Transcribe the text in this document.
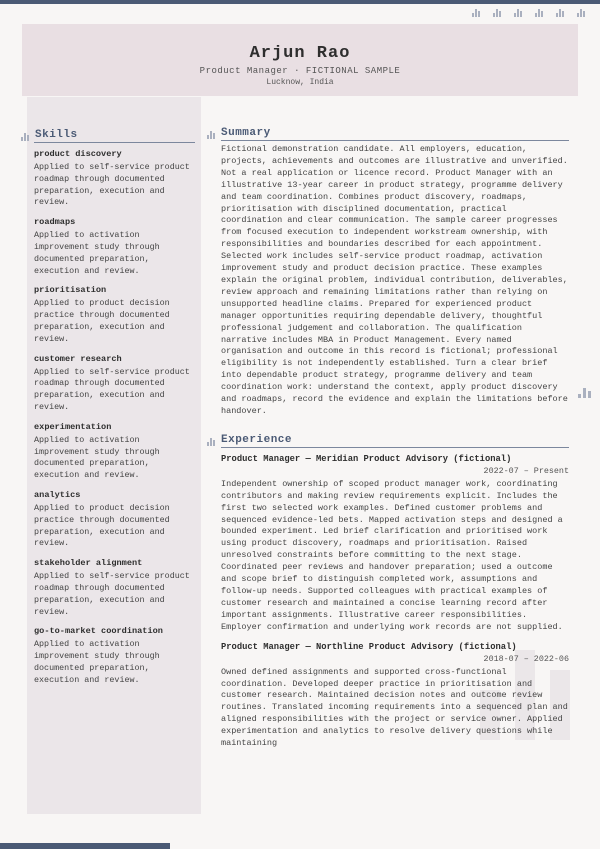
Arjun Rao
Product Manager · FICTIONAL SAMPLE
Lucknow, India
Skills
product discovery
Applied to self-service product roadmap through documented preparation, execution and review.
roadmaps
Applied to activation improvement study through documented preparation, execution and review.
prioritisation
Applied to product decision practice through documented preparation, execution and review.
customer research
Applied to self-service product roadmap through documented preparation, execution and review.
experimentation
Applied to activation improvement study through documented preparation, execution and review.
analytics
Applied to product decision practice through documented preparation, execution and review.
stakeholder alignment
Applied to self-service product roadmap through documented preparation, execution and review.
go-to-market coordination
Applied to activation improvement study through documented preparation, execution and review.
Summary
Fictional demonstration candidate. All employers, education, projects, achievements and outcomes are illustrative and unverified. Not a real application or licence record. Product Manager with an illustrative 13-year career in product strategy, programme delivery and team coordination. Combines product discovery, roadmaps, prioritisation with disciplined documentation, practical coordination and clear communication. The sample career progresses from focused execution to independent workstream ownership, with responsibilities and boundaries described for each appointment. Selected work includes self-service product roadmap, activation improvement study and product decision practice. These examples explain the original problem, individual contribution, deliverables, review approach and remaining limitations rather than relying on unsupported headline claims. Prepared for experienced product manager opportunities requiring dependable delivery, thoughtful professional judgement and collaboration. The qualification narrative includes MBA in Product Management. Every named organisation and outcome in this record is fictional; professional eligibility is not independently established. Turn a clear brief into dependable product strategy, programme delivery and team coordination work: understand the context, apply product discovery and roadmaps, record the evidence and explain the limitations before handover.
Experience
Product Manager — Meridian Product Advisory (fictional)
2022-07 – Present
Independent ownership of scoped product manager work, coordinating contributors and making review requirements explicit. Includes the first two selected work examples. Defined customer problems and sequenced evidence-led bets. Mapped activation steps and designed a bounded experiment. Led brief clarification and prioritised work using product discovery, roadmaps and prioritisation. Raised unresolved constraints before committing to the next stage. Coordinated peer reviews and handover preparation; used a outcome and scope brief to distinguish completed work, assumptions and follow-up needs. Supported colleagues with practical examples of customer research and maintained a concise learning record after important assignments. Illustrative career responsibilities. Employer confirmation and underlying work records are not supplied.
Product Manager — Northline Product Advisory (fictional)
2018-07 – 2022-06
Owned defined assignments and supported cross-functional coordination. Developed deeper practice in prioritisation and customer research. Maintained decision notes and outcome review routines. Translated incoming requirements into a sequenced plan and aligned responsibilities with the project or service owner. Applied experimentation and analytics to resolve delivery questions while maintaining
